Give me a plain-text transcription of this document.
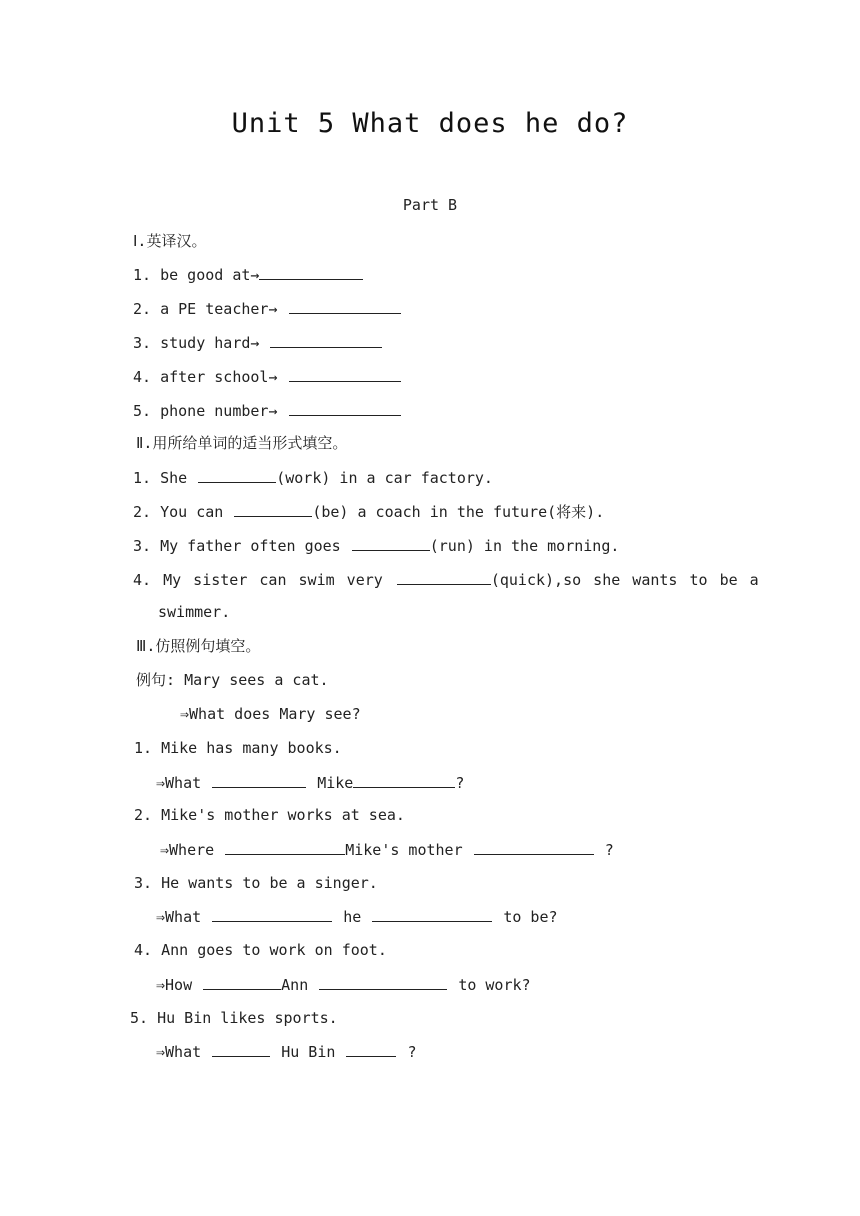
Unit 5 What does he do?
Part B
Ⅰ.英译汉。
1. be good at→
2. a PE teacher→
3. study hard→
4. after school→
5. phone number→
Ⅱ.用所给单词的适当形式填空。
1. She	(work) in a car factory.
2. You can	(be) a coach in the future(将来).
3. My father often goes	(run) in the morning.
4. My sister can swim very	(quick),so she wants to be a
swimmer.
Ⅲ.仿照例句填空。
例句: Mary sees a cat.
⇒What does Mary see?
1. Mike has many books.
⇒What	Mike	?
2. Mike's mother works at sea.
⇒Where	Mike's mother	?
3. He wants to be a singer.
⇒What	he	to be?
4. Ann goes to work on foot.
⇒How	Ann	to work?
5. Hu Bin likes sports.
⇒What	Hu Bin	?
